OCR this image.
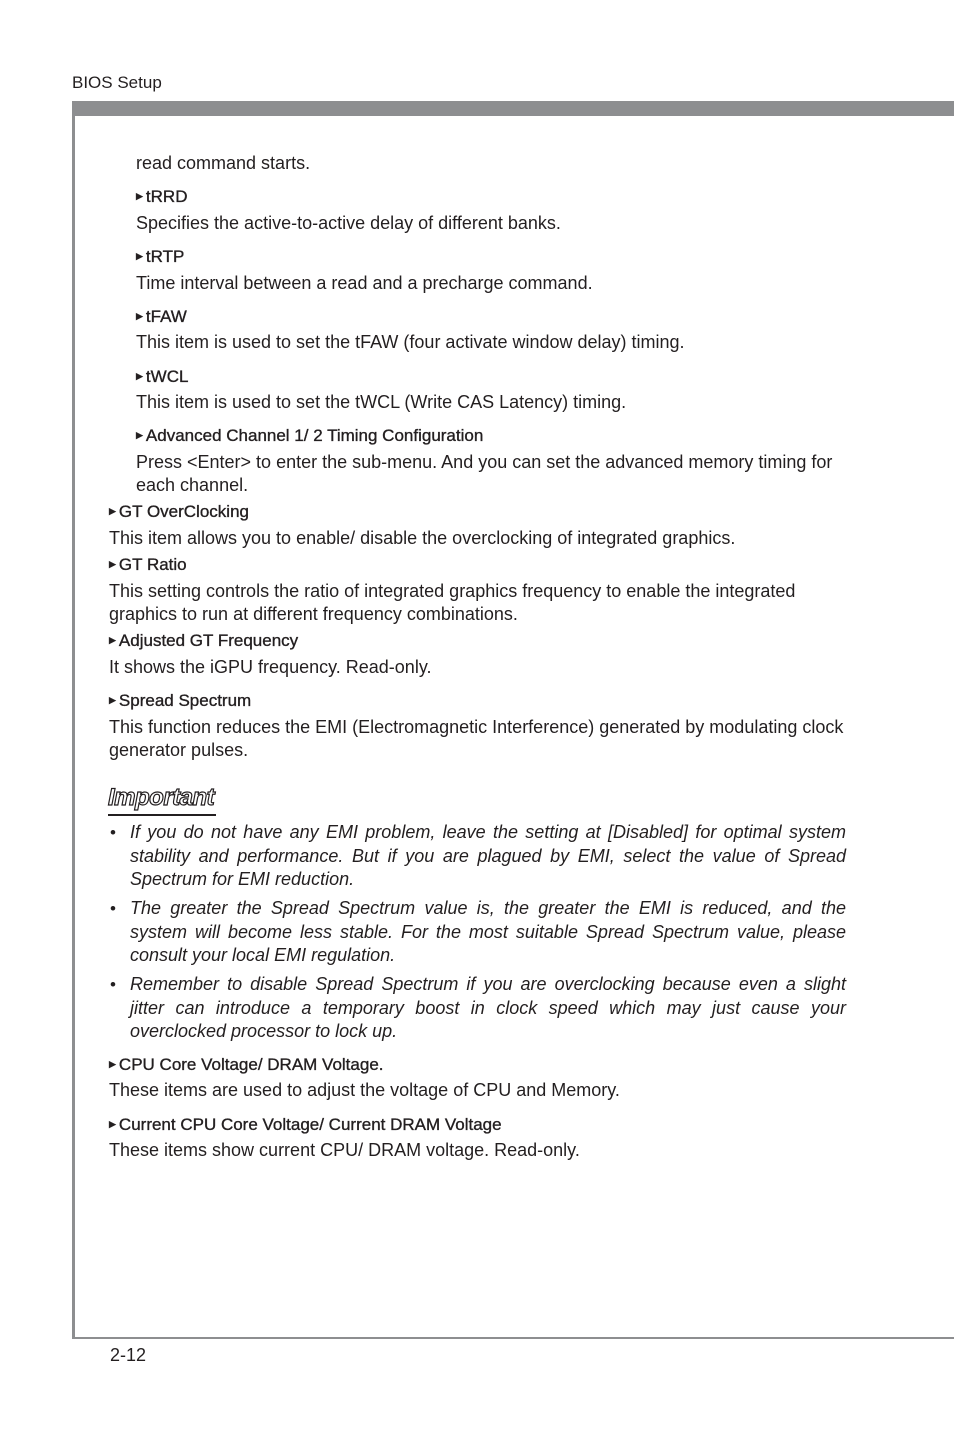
BIOS Setup

read command starts.

▶ tRRD

Specifies the active-to-active delay of different banks.

▶ tRTP

Time interval between a read and a precharge command.

▶ tFAW

This item is used to set the tFAW (four activate window delay) timing.

▶ tWCL

This item is used to set the tWCL (Write CAS Latency) timing.

▶ Advanced Channel 1/ 2 Timing Configuration

Press <Enter> to enter the sub-menu. And you can set the advanced memory timing for each channel.

▶ GT OverClocking

This item allows you to enable/ disable the overclocking of integrated graphics.

▶ GT Ratio

This setting controls the ratio of integrated graphics frequency to enable the integrated graphics to run at different frequency combinations.

▶ Adjusted GT Frequency

It shows the iGPU frequency. Read-only.

▶ Spread Spectrum

This function reduces the EMI (Electromagnetic Interference) generated by modulating clock generator pulses.

Important
• If you do not have any EMI problem, leave the setting at [Disabled] for optimal system stability and performance. But if you are plagued by EMI, select the value of Spread Spectrum for EMI reduction.

• The greater the Spread Spectrum value is, the greater the EMI is reduced, and the system will become less stable. For the most suitable Spread Spectrum value, please consult your local EMI regulation.

• Remember to disable Spread Spectrum if you are overclocking because even a slight jitter can introduce a temporary boost in clock speed which may just cause your overclocked processor to lock up.

▶ CPU Core Voltage/ DRAM Voltage.

These items are used to adjust the voltage of CPU and Memory.

▶ Current CPU Core Voltage/ Current DRAM Voltage

These items show current CPU/ DRAM voltage. Read-only.

2-12
